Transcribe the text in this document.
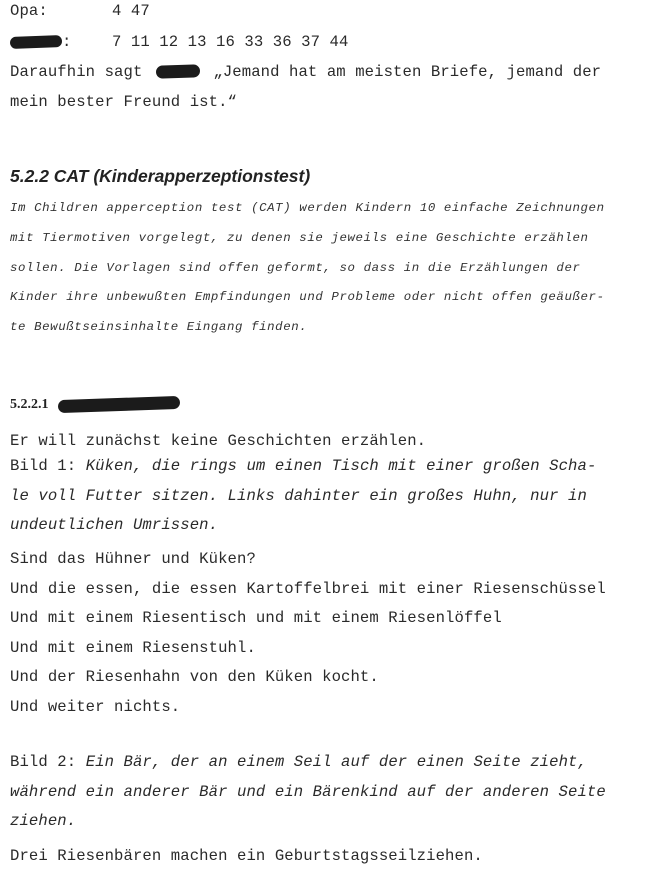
Opa:	4 47
:	7 11 12 13 16 33 36 37 44
Daraufhin sagt	„Jemand hat am meisten Briefe, jemand der
mein bester Freund ist.“
5.2.2 CAT (Kinderapperzeptionstest)
Im Children apperception test (CAT) werden Kindern 10 einfache Zeichnungen
mit Tiermotiven vorgelegt, zu denen sie jeweils eine Geschichte erzählen
sollen. Die Vorlagen sind offen geformt, so dass in die Erzählungen der
Kinder ihre unbewußten Empfindungen und Probleme oder nicht offen geäußer-
te Bewußtseinsinhalte Eingang finden.
5.2.2.1
Er will zunächst keine Geschichten erzählen.
Bild 1: Küken, die rings um einen Tisch mit einer großen Scha-
le voll Futter sitzen. Links dahinter ein großes Huhn, nur in
undeutlichen Umrissen.
Sind das Hühner und Küken?
Und die essen, die essen Kartoffelbrei mit einer Riesenschüssel
Und mit einem Riesentisch und mit einem Riesenlöffel
Und mit einem Riesenstuhl.
Und der Riesenhahn von den Küken kocht.
Und weiter nichts.
Bild 2: Ein Bär, der an einem Seil auf der einen Seite zieht,
während ein anderer Bär und ein Bärenkind auf der anderen Seite
ziehen.
Drei Riesenbären machen ein Geburtstagsseilziehen.
